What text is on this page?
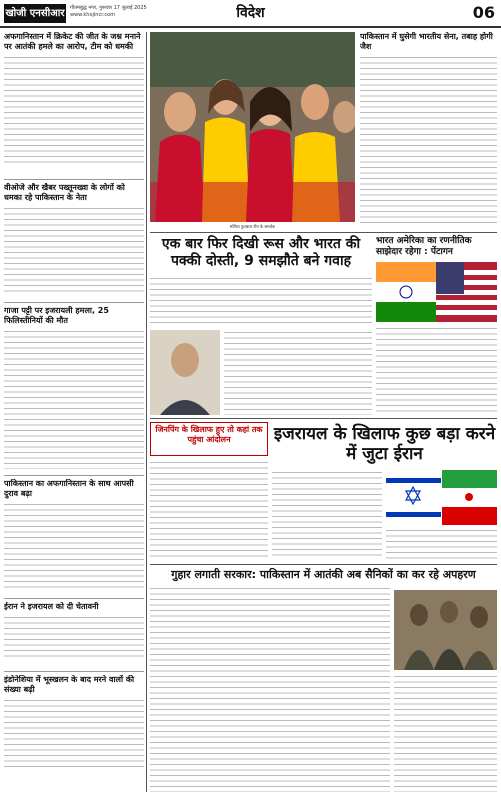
खोजी एनसीआर	गौतमबुद्ध नगर, गुरूवार 17 जुलाई 2025
www.khojincr.com	विदेश	06
अफगानिस्तान में क्रिकेट की जीत के जश्न मनाने पर आतंकी हमले का आरोप, टीम को धमकी
वीओजे और खैबर पख्तूनख्वा के लोगों को धमका रहे पाकिस्तान के नेता
गाजा पट्टी पर इजरायली हमला, 25 फिलिस्तीनियों की मौत
पाकिस्तान का अफगानिस्तान के साथ आपसी दुराव बढ़ा
ईरान ने इजरायल को दी चेतावनी
इंडोनेशिया में भूस्खलन के बाद मरने वालों की संख्या बढ़ी
स्पेनिश फुटबाल टीम के समर्थक
पाकिस्तान में घुसेगी भारतीय सेना, तबाह होगी जैश
एक बार फिर दिखी रूस और भारत की पक्की दोस्ती, 9 समझौते बने गवाह
भारत अमेरिका का रणनीतिक साझेदार रहेगा : पेंटागन
जिनपिंग के खिलाफ हुए तो कहां तक पहुंचा आंदोलन	इजरायल के खिलाफ कुछ बड़ा करने में जुटा ईरान
गुहार लगाती सरकार: पाकिस्तान में आतंकी अब सैनिकों का कर रहे अपहरण
